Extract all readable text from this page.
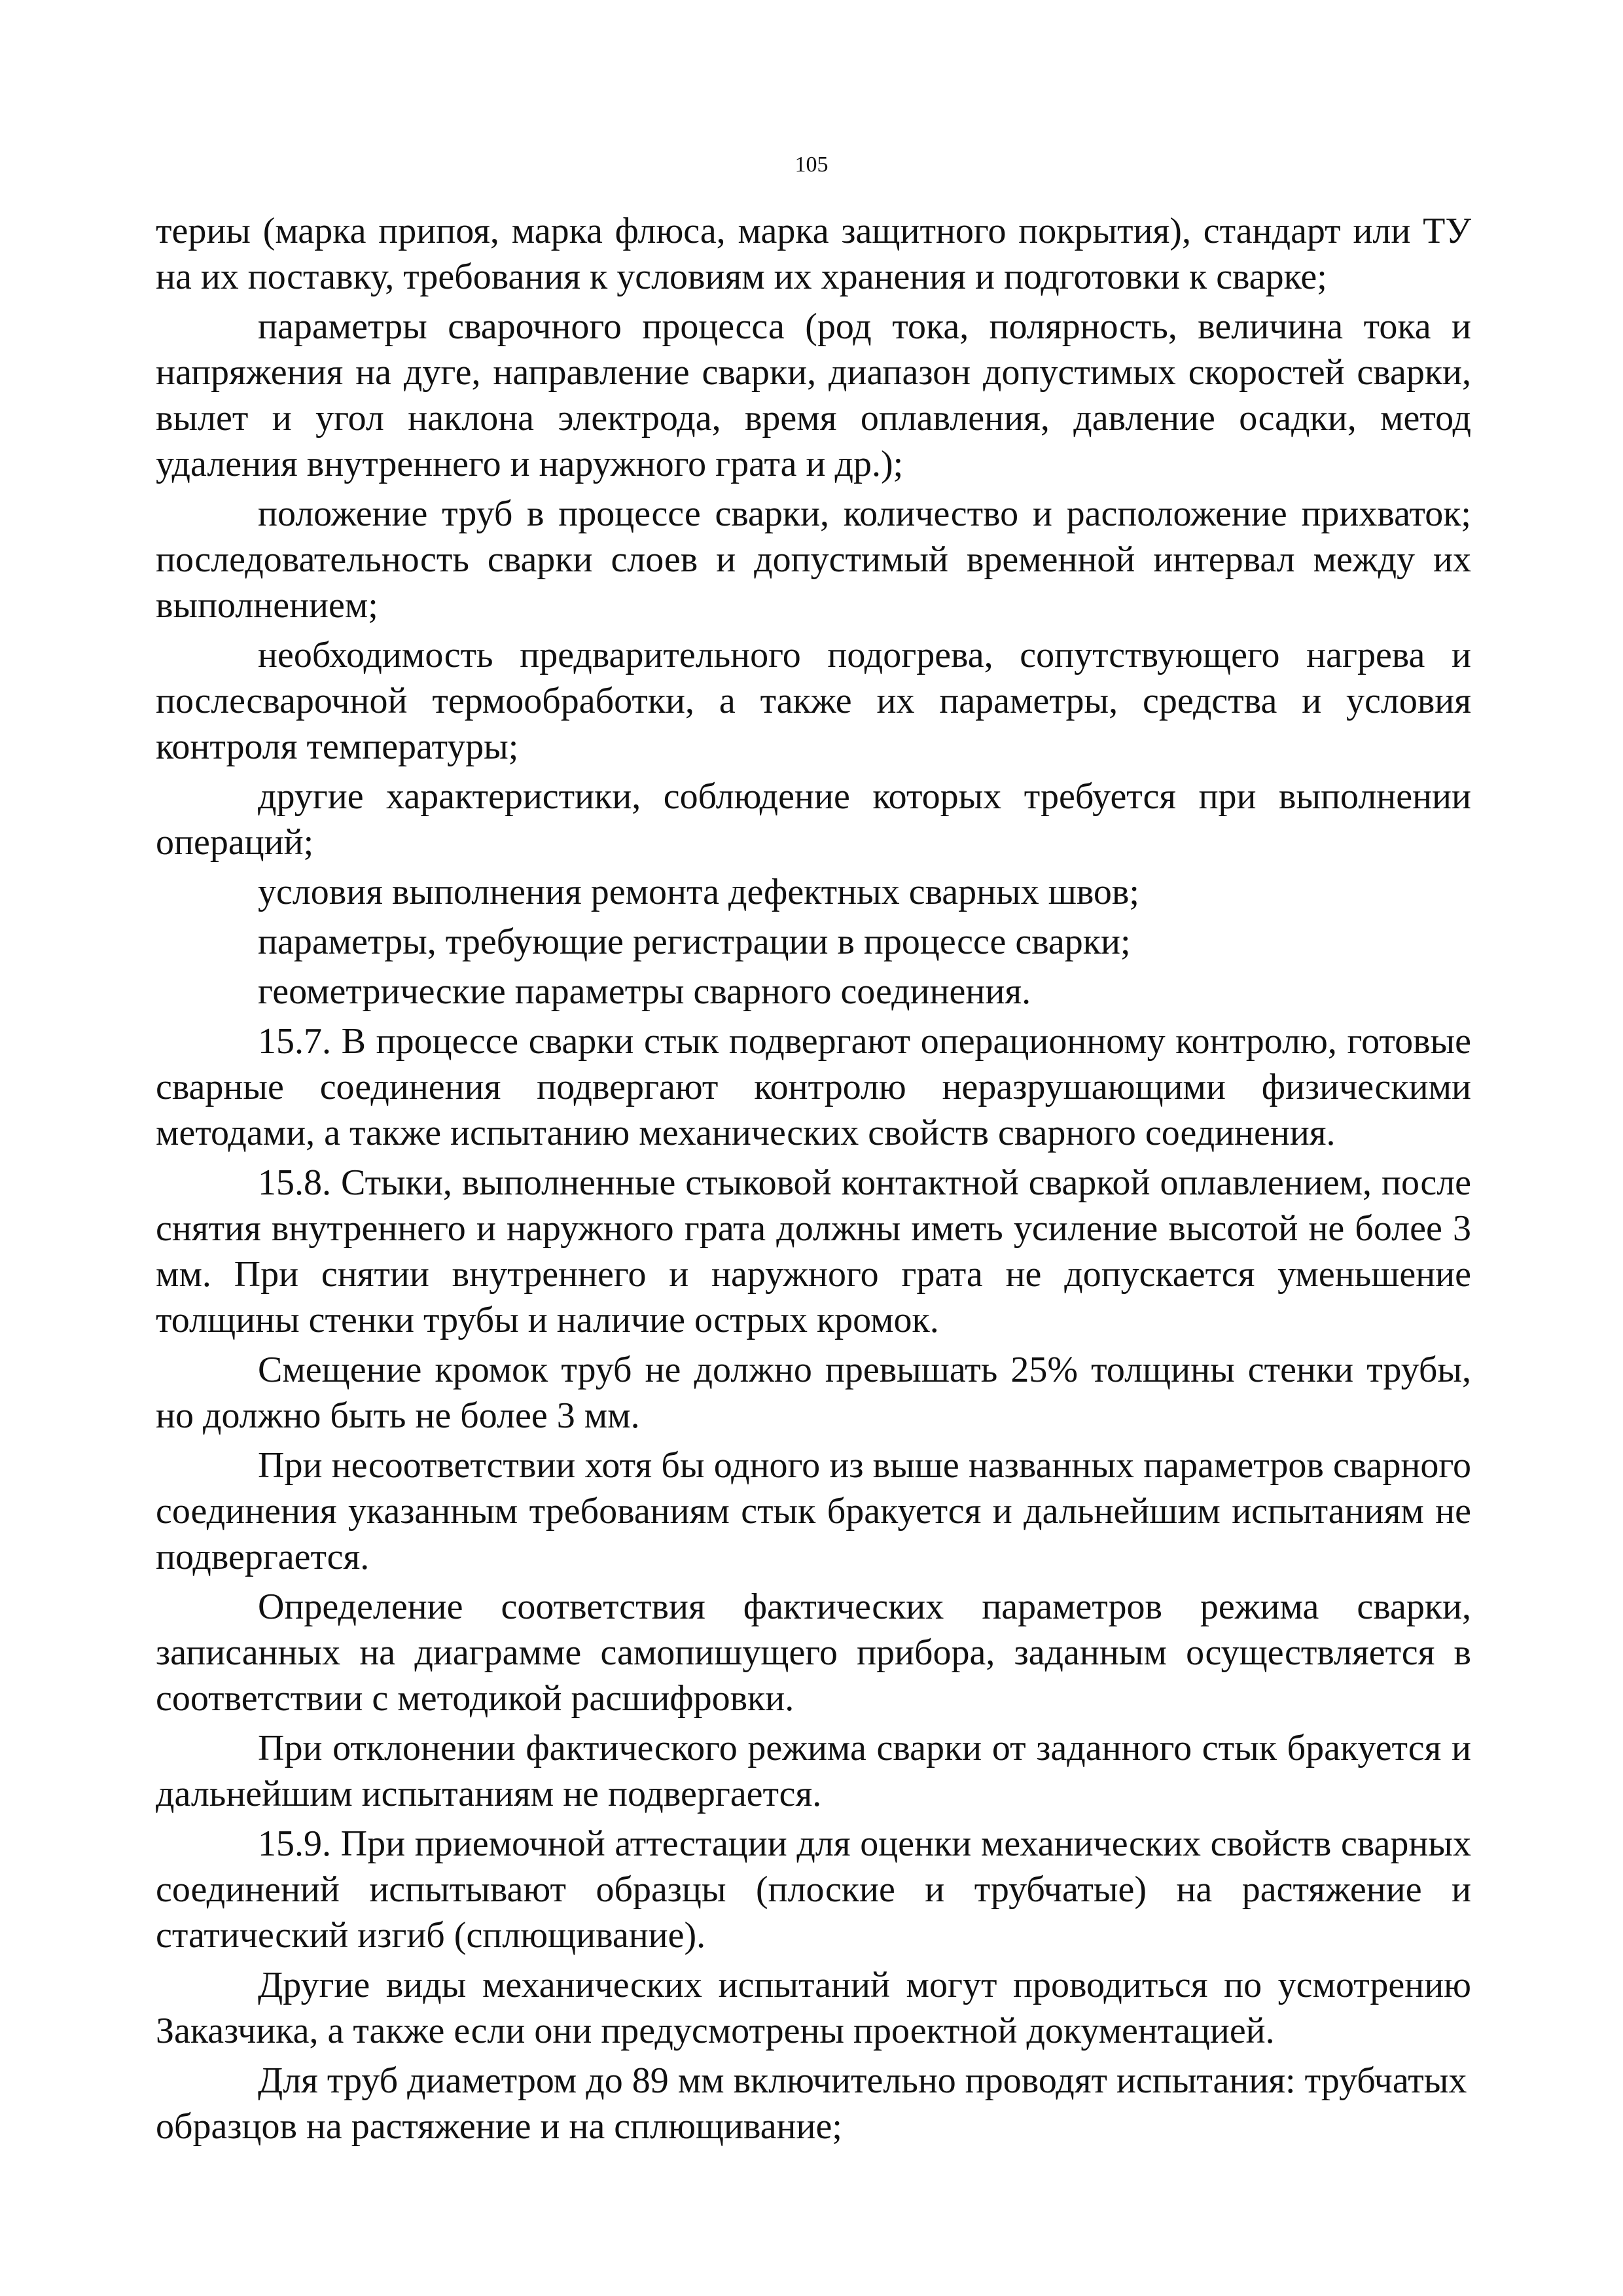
105

териы (марка припоя, марка флюса, марка защитного покрытия), стандарт или ТУ на их поставку, требования к условиям их хранения и подготовки к сварке;

параметры сварочного процесса (род тока, полярность, величина тока и напряжения на дуге, направление сварки, диапазон допустимых скоростей сварки, вылет и угол наклона электрода, время оплавления, давление осадки, метод удаления внутреннего и наружного грата и др.);

положение труб в процессе сварки, количество и расположение прихваток; последовательность сварки слоев и допустимый временной интервал между их выполнением;

необходимость предварительного подогрева, сопутствующего нагрева и послесварочной термообработки, а также их параметры, средства и условия контроля температуры;

другие характеристики, соблюдение которых требуется при выполнении операций;

условия выполнения ремонта дефектных сварных швов;

параметры, требующие регистрации в процессе сварки;

геометрические параметры сварного соединения.

15.7. В процессе сварки стык подвергают операционному контролю, готовые сварные соединения подвергают контролю неразрушающими физическими методами, а также испытанию механических свойств сварного соединения.

15.8. Стыки, выполненные стыковой контактной сваркой оплавлением, после снятия внутреннего и наружного грата должны иметь усиление высотой не более 3 мм. При снятии внутреннего и наружного грата не допускается уменьшение толщины стенки трубы и наличие острых кромок.

Смещение кромок труб не должно превышать 25% толщины стенки трубы, но должно быть не более 3 мм.

При несоответствии хотя бы одного из выше названных параметров сварного соединения указанным требованиям стык бракуется и дальнейшим испытаниям не подвергается.

Определение соответствия фактических параметров режима сварки, записанных на диаграмме самопишущего прибора, заданным осуществляется в соответствии с методикой расшифровки.

При отклонении фактического режима сварки от заданного стык бракуется и дальнейшим испытаниям не подвергается.

15.9. При приемочной аттестации для оценки механических свойств сварных соединений испытывают образцы (плоские и трубчатые) на растяжение и статический изгиб (сплющивание).

Другие виды механических испытаний могут проводиться по усмотрению Заказчика, а также если они предусмотрены проектной документацией.

Для труб диаметром до 89 мм включительно проводят испытания: трубчатых образцов на растяжение и на сплющивание;
